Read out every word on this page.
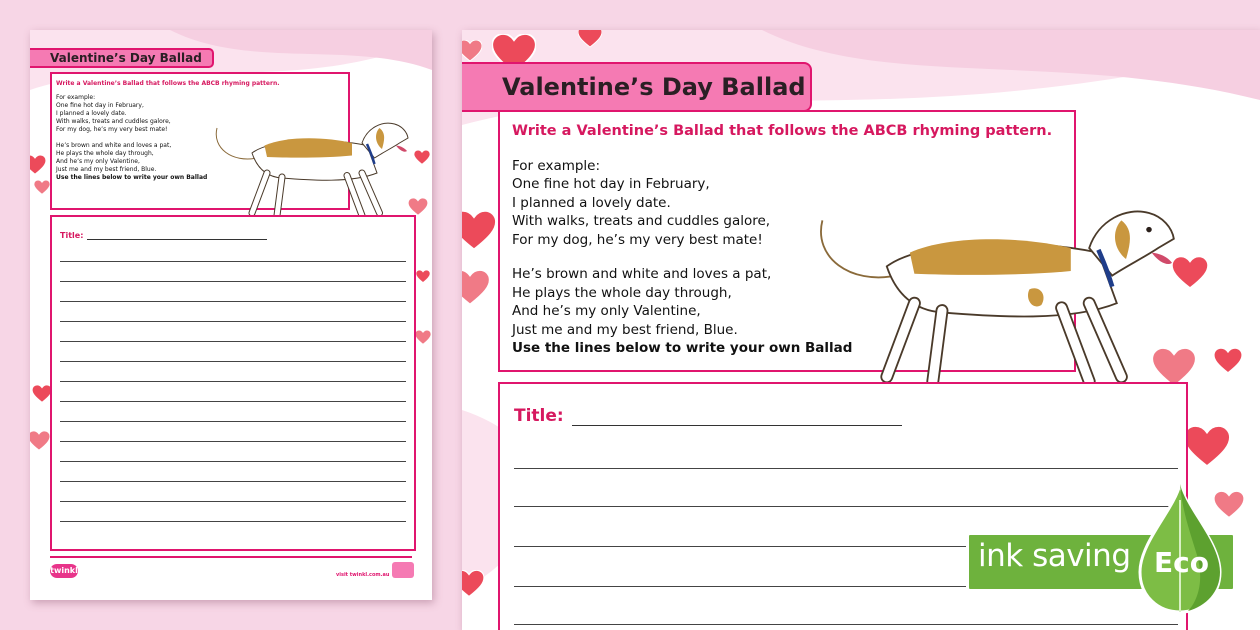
Valentine’s Day Ballad
Write a Valentine’s Ballad that follows the ABCB rhyming pattern.
For example:
One fine hot day in February,
I planned a lovely date.
With walks, treats and cuddles galore,
For my dog, he’s my very best mate!
He’s brown and white and loves a pat,
He plays the whole day through,
And he’s my only Valentine,
Just me and my best friend, Blue.
Use the lines below to write your own Ballad
Title:
twinkl	visit twinkl.com.au
Valentine’s Day Ballad
Write a Valentine’s Ballad that follows the ABCB rhyming pattern.
For example:
One fine hot day in February,
I planned a lovely date.
With walks, treats and cuddles galore,
For my dog, he’s my very best mate!
He’s brown and white and loves a pat,
He plays the whole day through,
And he’s my only Valentine,
Just me and my best friend, Blue.
Use the lines below to write your own Ballad
Title:
ink saving Eco
